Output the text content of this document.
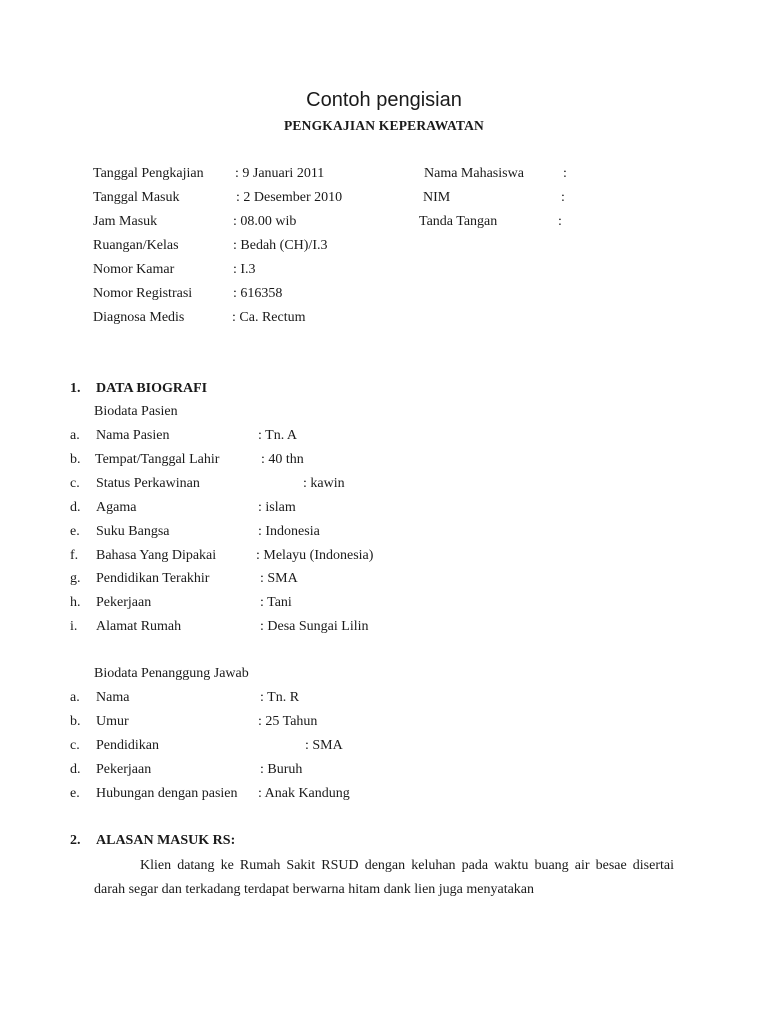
Contoh pengisian
PENGKAJIAN KEPERAWATAN
Tanggal Pengkajian : 9 Januari 2011
Tanggal Masuk	: 2 Desember 2010
Jam Masuk	: 08.00 wib
Ruangan/Kelas	: Bedah (CH)/I.3
Nomor Kamar	: I.3
Nomor Registrasi	: 616358
Diagnosa Medis	: Ca. Rectum
Nama Mahasiswa	:
NIM	:
Tanda Tangan	:
1. DATA BIOGRAFI
Biodata Pasien
a. Nama Pasien	: Tn. A
b. Tempat/Tanggal Lahir	: 40 thn
c. Status Perkawinan	: kawin
d. Agama	: islam
e. Suku Bangsa	: Indonesia
f. Bahasa Yang Dipakai	: Melayu (Indonesia)
g. Pendidikan Terakhir	: SMA
h. Pekerjaan	: Tani
i. Alamat Rumah	: Desa Sungai Lilin
Biodata Penanggung Jawab
a. Nama	: Tn. R
b. Umur	: 25 Tahun
c. Pendidikan	: SMA
d. Pekerjaan	: Buruh
e. Hubungan dengan pasien : Anak Kandung
2. ALASAN MASUK RS:
Klien datang ke Rumah Sakit RSUD dengan keluhan pada waktu buang air besae disertai darah segar dan terkadang terdapat berwarna hitam dank lien juga menyatakan
